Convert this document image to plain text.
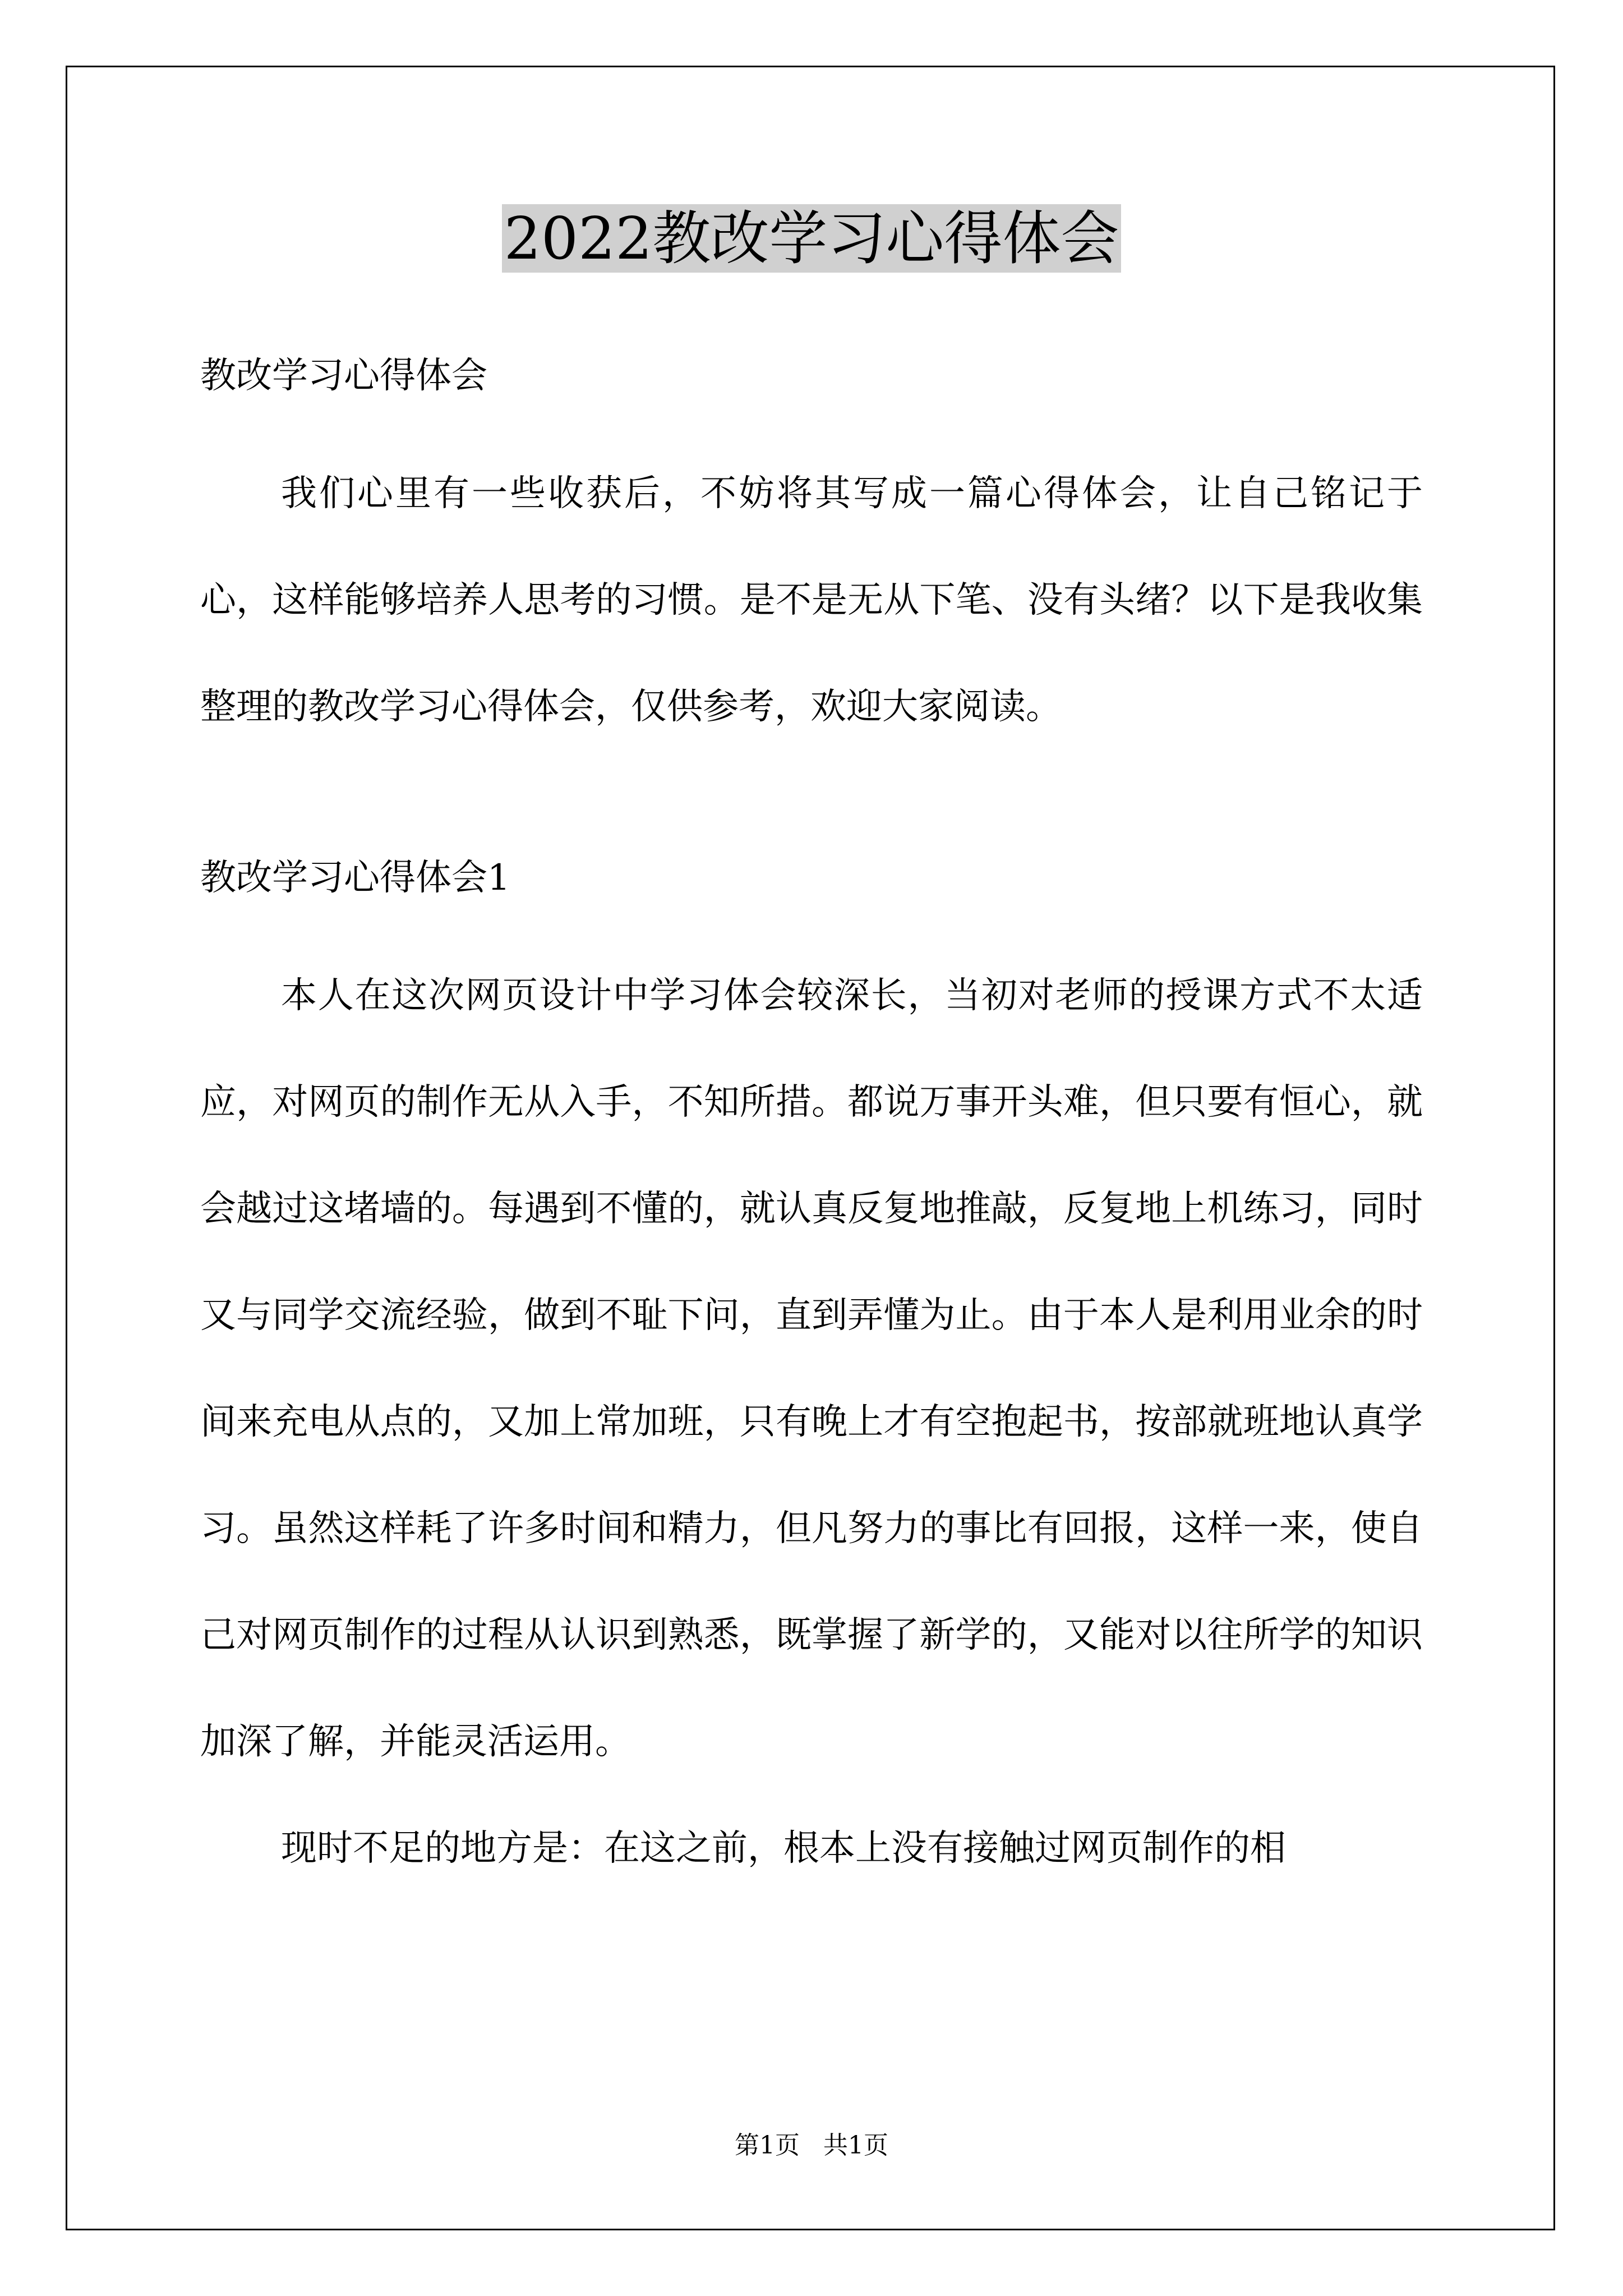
2022教改学习心得体会

教改学习心得体会

我们心里有一些收获后，不妨将其写成一篇心得体会，让自己铭记于心，这样能够培养人思考的习惯。是不是无从下笔、没有头绪？以下是我收集整理的教改学习心得体会，仅供参考，欢迎大家阅读。

教改学习心得体会1

本人在这次网页设计中学习体会较深长，当初对老师的授课方式不太适应，对网页的制作无从入手，不知所措。都说万事开头难，但只要有恒心，就会越过这堵墙的。每遇到不懂的，就认真反复地推敲，反复地上机练习，同时又与同学交流经验，做到不耻下问，直到弄懂为止。由于本人是利用业余的时间来充电从点的，又加上常加班，只有晚上才有空抱起书，按部就班地认真学习。虽然这样耗了许多时间和精力，但凡努力的事比有回报，这样一来，使自己对网页制作的过程从认识到熟悉，既掌握了新学的，又能对以往所学的知识加深了解，并能灵活运用。

现时不足的地方是：在这之前，根本上没有接触过网页制作的相

第1页   共1页
